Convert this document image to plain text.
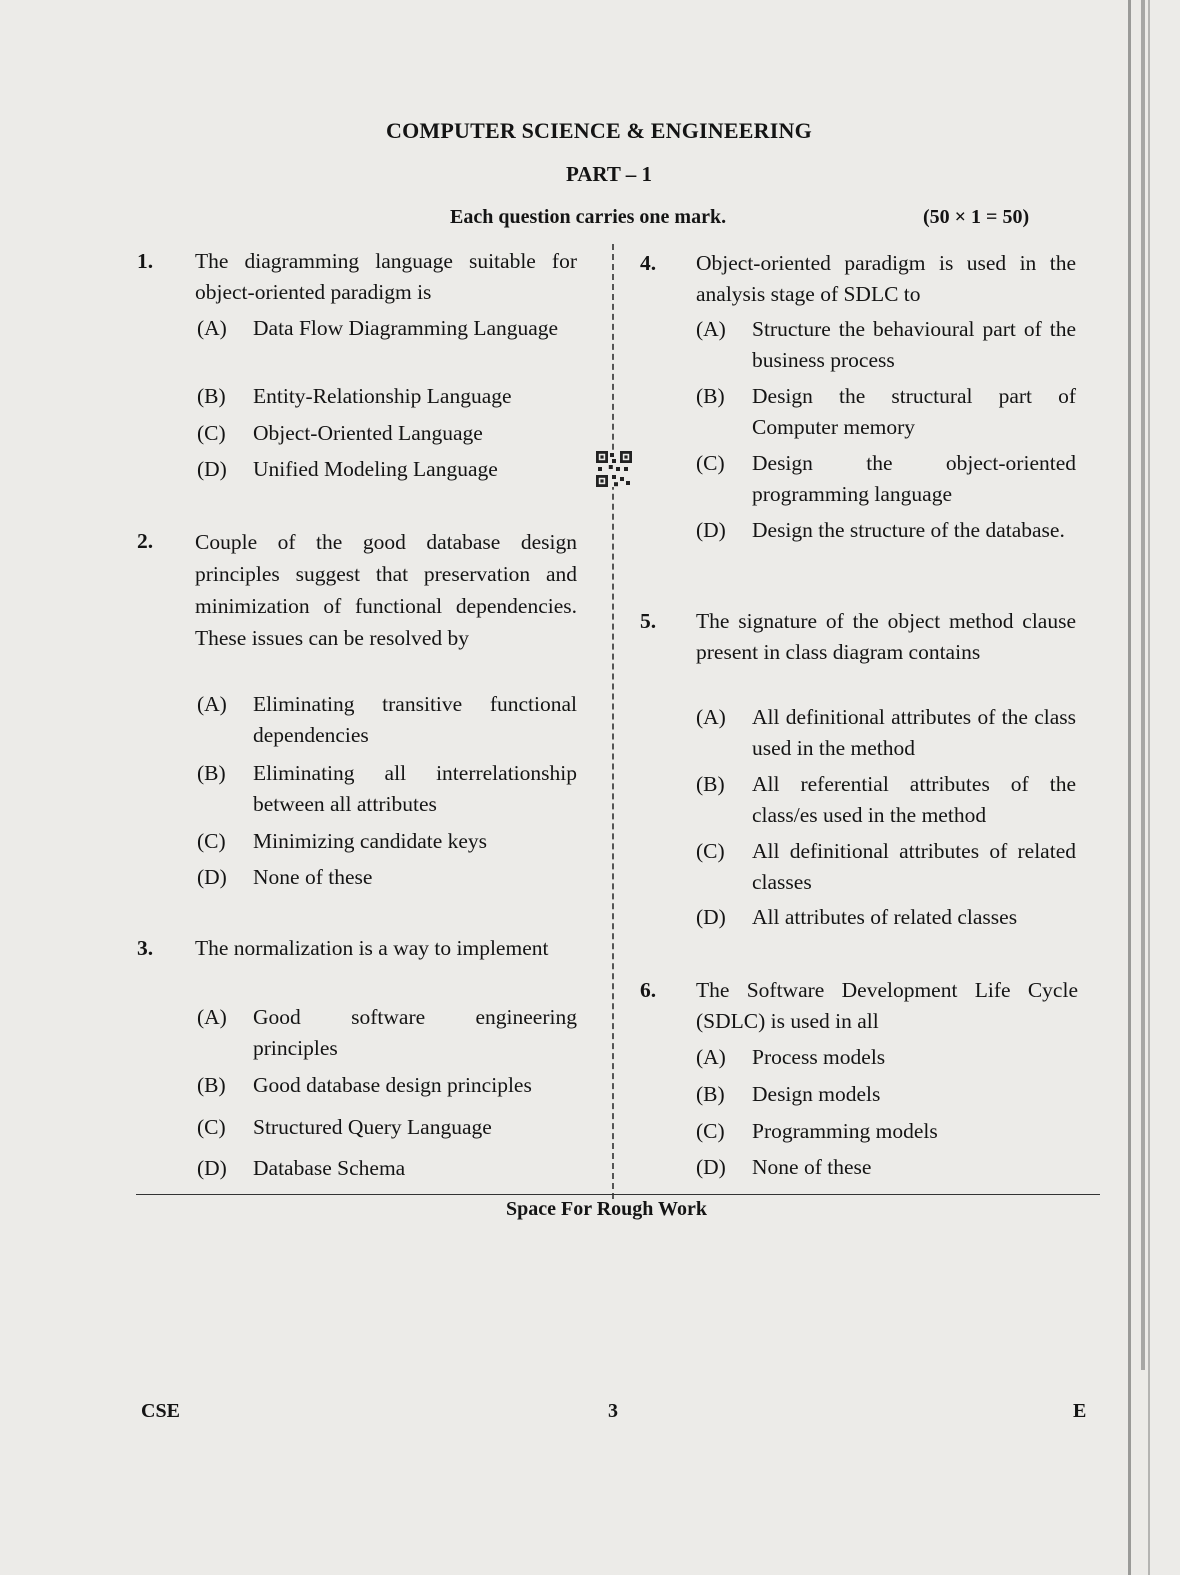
COMPUTER SCIENCE & ENGINEERING
PART – 1
Each question carries one mark.	(50 × 1 = 50)
1. The diagramming language suitable for object-oriented paradigm is
(A)	Data Flow Diagramming Language
(B)	Entity-Relationship Language
(C)	Object-Oriented Language
(D)	Unified Modeling Language
2. Couple of the good database design principles suggest that preservation and minimization of functional dependencies. These issues can be resolved by
(A)	Eliminating transitive functional dependencies
(B)	Eliminating all interrelationship between all attributes
(C)	Minimizing candidate keys
(D)	None of these
3. The normalization is a way to implement
(A)	Good software engineering principles
(B)	Good database design principles
(C)	Structured Query Language
(D)	Database Schema
4. Object-oriented paradigm is used in the analysis stage of SDLC to
(A)	Structure the behavioural part of the business process
(B)	Design the structural part of Computer memory
(C)	Design the object-oriented programming language
(D)	Design the structure of the database.
5. The signature of the object method clause present in class diagram contains
(A)	All definitional attributes of the class used in the method
(B)	All referential attributes of the class/es used in the method
(C)	All definitional attributes of related classes
(D)	All attributes of related classes
6. The Software Development Life Cycle (SDLC) is used in all
(A)	Process models
(B)	Design models
(C)	Programming models
(D)	None of these
Space For Rough Work
CSE	3	E
